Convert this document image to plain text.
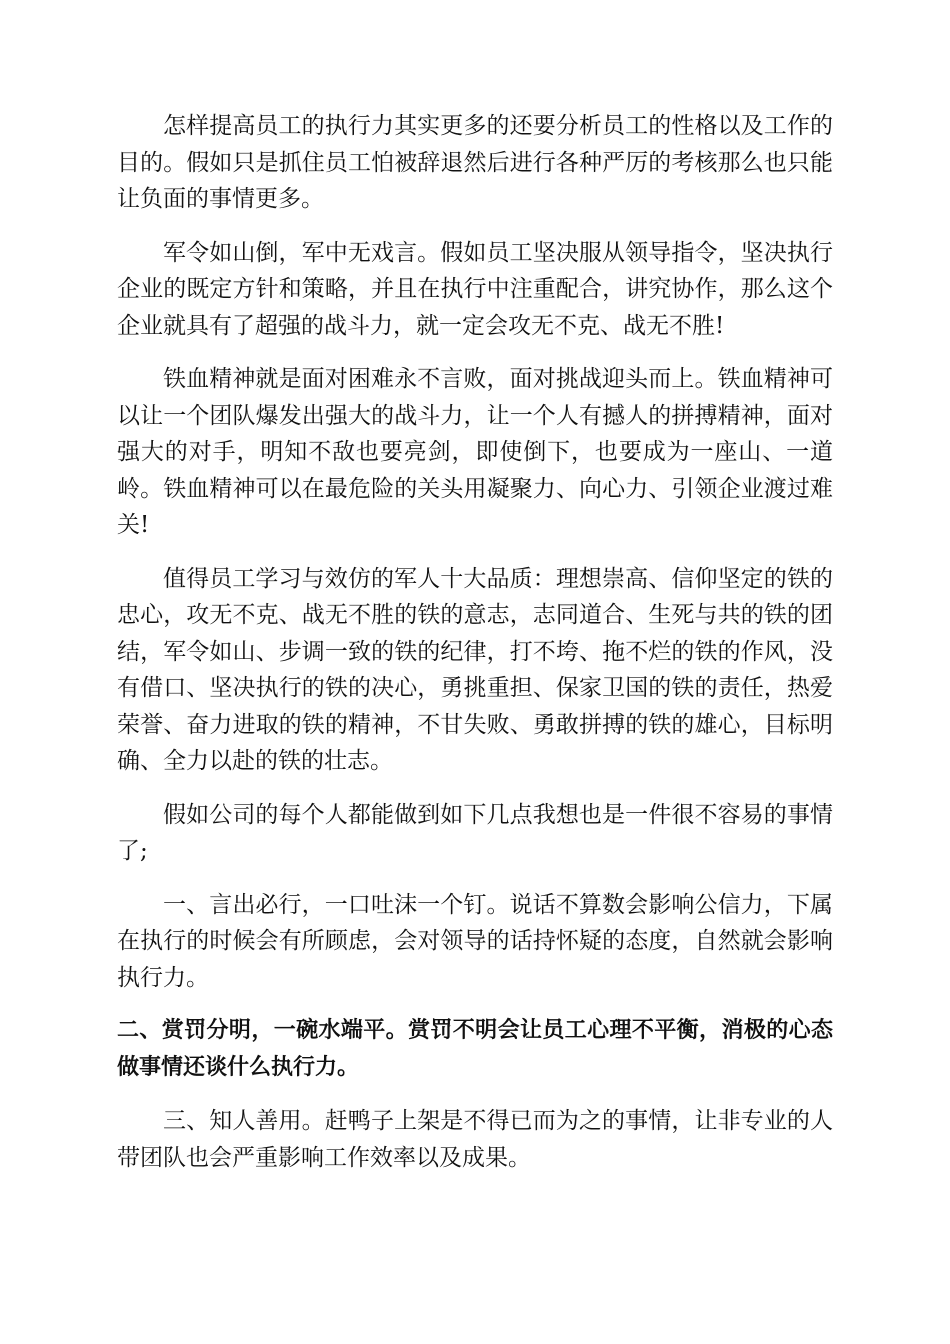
怎样提高员工的执行力其实更多的还要分析员工的性格以及工作的目的。假如只是抓住员工怕被辞退然后进行各种严厉的考核那么也只能让负面的事情更多。

军令如山倒，军中无戏言。假如员工坚决服从领导指令，坚决执行企业的既定方针和策略，并且在执行中注重配合，讲究协作，那么这个企业就具有了超强的战斗力，就一定会攻无不克、战无不胜!

铁血精神就是面对困难永不言败，面对挑战迎头而上。铁血精神可以让一个团队爆发出强大的战斗力，让一个人有撼人的拼搏精神，面对强大的对手，明知不敌也要亮剑，即使倒下，也要成为一座山、一道岭。铁血精神可以在最危险的关头用凝聚力、向心力、引领企业渡过难关!

值得员工学习与效仿的军人十大品质：理想崇高、信仰坚定的铁的忠心，攻无不克、战无不胜的铁的意志，志同道合、生死与共的铁的团结，军令如山、步调一致的铁的纪律，打不垮、拖不烂的铁的作风，没有借口、坚决执行的铁的决心，勇挑重担、保家卫国的铁的责任，热爱荣誉、奋力进取的铁的精神，不甘失败、勇敢拼搏的铁的雄心，目标明确、全力以赴的铁的壮志。

假如公司的每个人都能做到如下几点我想也是一件很不容易的事情了;

一、言出必行，一口吐沫一个钉。说话不算数会影响公信力，下属在执行的时候会有所顾虑，会对领导的话持怀疑的态度，自然就会影响执行力。

二、赏罚分明，一碗水端平。赏罚不明会让员工心理不平衡，消极的心态做事情还谈什么执行力。

三、知人善用。赶鸭子上架是不得已而为之的事情，让非专业的人带团队也会严重影响工作效率以及成果。
